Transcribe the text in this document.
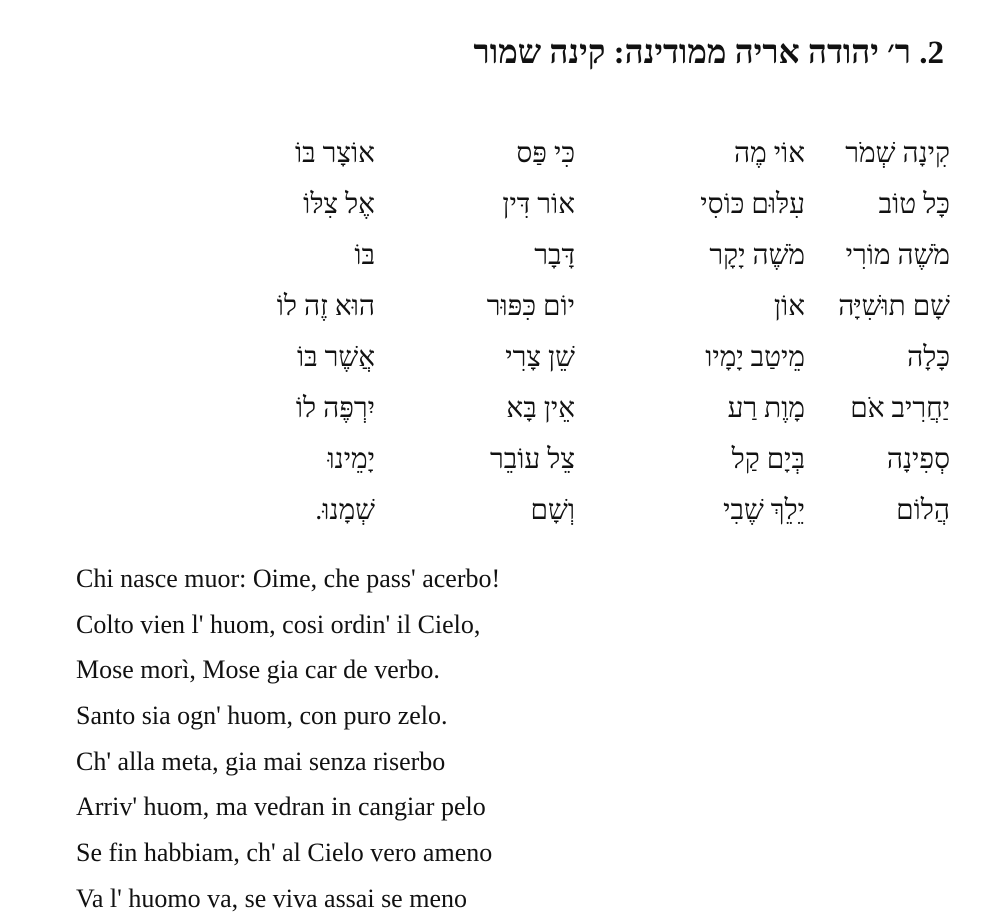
2. ר׳ יהודה אריה ממודינה: קינה שמור
קִינָה שְׁמֹר
אוֹי מֶה
כִּי פַּס
אוֹצָר בּוֹ
כָּל טוֹב
עִלּוּם כּוֹסִי
אוֹר דִּין
אֶל צִלּוֹ
מֹשֶׁה מוֹרִי
מֹשֶׁה יָקָר
דָּבָר
בּוֹ
שָׁם תוּשִׁיָּה
אוֹן
יוֹם כִּפּוּר
הוּא זֶה לוֹ
כָּלָה
מֵיטַב יָמָיו
שֵׁן צָרִי
אֲשֶׁר בּוֹ
יַחֲרִיב אֹם
מָוֶת רַע
אֵין בָּא
יִרְפֶּה לוֹ
סְפִינָה
בְּיָם קַל
צֵל עוֹבֵר
יָמֵינוּ
הֲלוֹם
יֵלֵךְ שֶׁבִי
וְשָׁם
שְׁמָנוּ.
Chi nasce muor: Oime, che pass' acerbo!
Colto vien l' huom, cosi ordin' il Cielo,
Mose morì, Mose gia car de verbo.
Santo sia ogn' huom, con puro zelo.
Ch' alla meta, gia mai senza riserbo
Arriv' huom, ma vedran in cangiar pelo
Se fin habbiam, ch' al Cielo vero ameno
Va l' huomo va, se viva assai se meno
